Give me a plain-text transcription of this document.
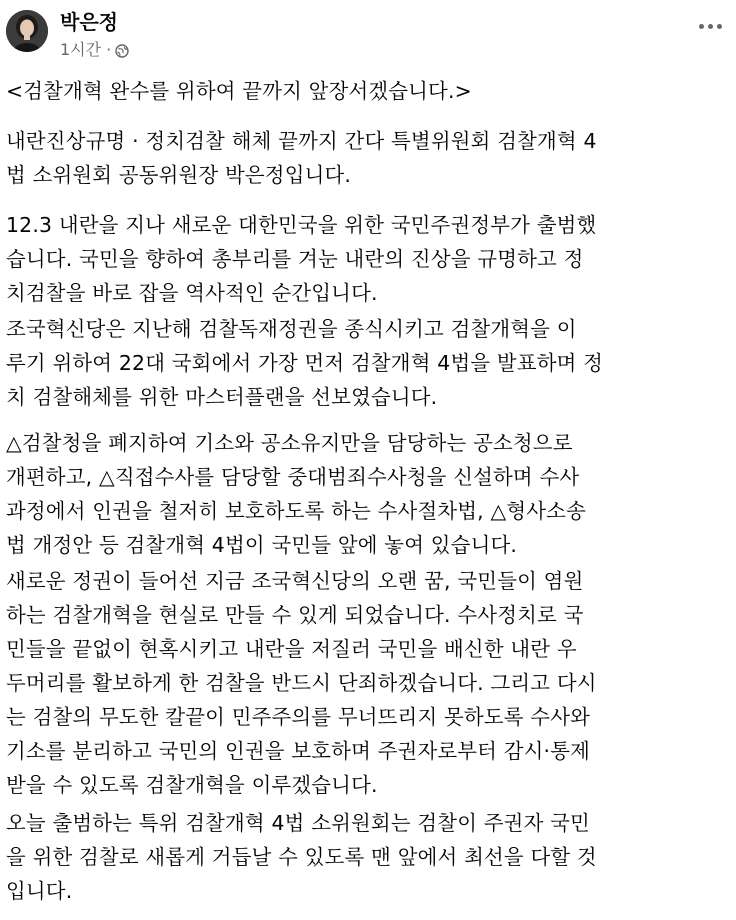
박은정
1시간 ·
<검찰개혁 완수를 위하여 끝까지 앞장서겠습니다.>
내란진상규명 · 정치검찰 해체 끝까지 간다 특별위원회 검찰개혁 4
법 소위원회 공동위원장 박은정입니다.
12.3 내란을 지나 새로운 대한민국을 위한 국민주권정부가 출범했
습니다. 국민을 향하여 총부리를 겨눈 내란의 진상을 규명하고 정
치검찰을 바로 잡을 역사적인 순간입니다.
조국혁신당은 지난해 검찰독재정권을 종식시키고 검찰개혁을 이
루기 위하여 22대 국회에서 가장 먼저 검찰개혁 4법을 발표하며 정
치 검찰해체를 위한 마스터플랜을 선보였습니다.
△검찰청을 폐지하여 기소와 공소유지만을 담당하는 공소청으로
개편하고, △직접수사를 담당할 중대범죄수사청을 신설하며 수사
과정에서 인권을 철저히 보호하도록 하는 수사절차법, △형사소송
법 개정안 등 검찰개혁 4법이 국민들 앞에 놓여 있습니다.
새로운 정권이 들어선 지금 조국혁신당의 오랜 꿈, 국민들이 염원
하는 검찰개혁을 현실로 만들 수 있게 되었습니다. 수사정치로 국
민들을 끝없이 현혹시키고 내란을 저질러 국민을 배신한 내란 우
두머리를 활보하게 한 검찰을 반드시 단죄하겠습니다. 그리고 다시
는 검찰의 무도한 칼끝이 민주주의를 무너뜨리지 못하도록 수사와
기소를 분리하고 국민의 인권을 보호하며 주권자로부터 감시·통제
받을 수 있도록 검찰개혁을 이루겠습니다.
오늘 출범하는 특위 검찰개혁 4법 소위원회는 검찰이 주권자 국민
을 위한 검찰로 새롭게 거듭날 수 있도록 맨 앞에서 최선을 다할 것
입니다.
